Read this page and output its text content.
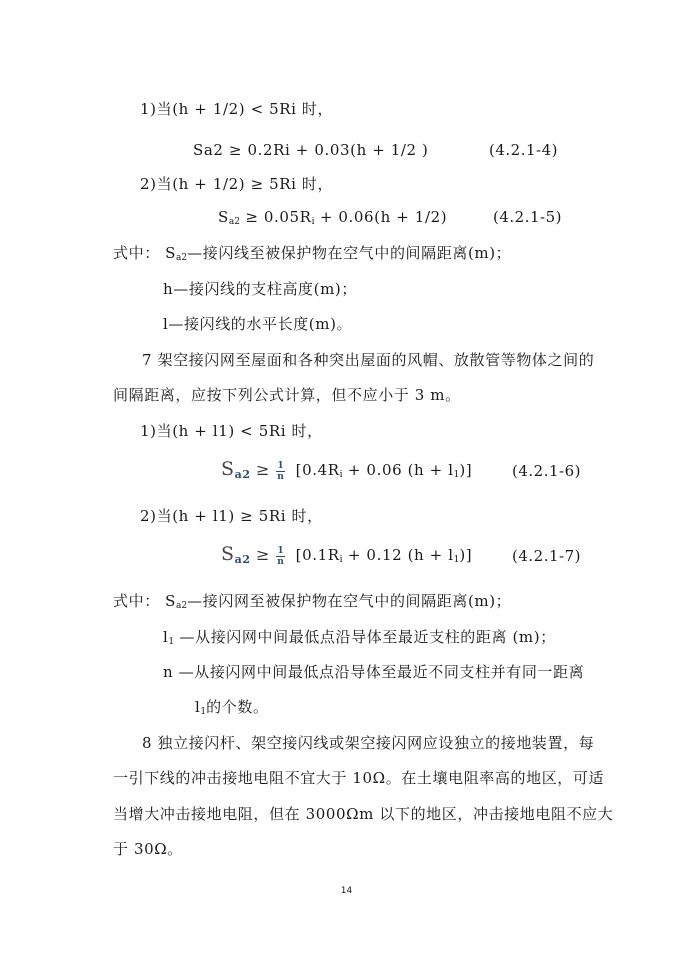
1)当(h + 1/2) < 5Ri 时，
Sa2 ≥ 0.2Ri + 0.03(h + 1/2 )	(4.2.1-4)
2)当(h + 1/2) ≥ 5Ri 时，
$S_{a2} \ge 0.05R_i + 0.06(h + 1/2)$	(4.2.1-5)
式中： $S_{a2}—$接闪线至被保护物在空气中的间隔距离(m)；
h—接闪线的支柱高度(m)；
l—接闪线的水平长度(m)。
7 架空接闪网至屋面和各种突出屋面的风帽、放散管等物体之间的
间隔距离，应按下列公式计算，但不应小于 3 m。
1)当(h + l1) < 5Ri 时，
$S_{a2} \ge \frac{1}{n} [0.4R_i + 0.06$ $(h + l_1)$]	(4.2.1-6)
2)当(h + l1) ≥ 5Ri 时，
$S_{a2} \ge \frac{1}{n} [0.1R_i + 0.12$ $(h + l_1)$]	(4.2.1-7)
式中： $S_{a2}—$接闪网至被保护物在空气中的间隔距离(m)；
$l_1$ —从接闪网中间最低点沿导体至最近支柱的距离 (m)；
n —从接闪网中间最低点沿导体至最近不同支柱并有同一距离
$l_1$的个数。
8 独立接闪杆、架空接闪线或架空接闪网应设独立的接地装置，每
一引下线的冲击接地电阻不宜大于 10Ω。在土壤电阻率高的地区，可适
当增大冲击接地电阻，但在 3000Ωm 以下的地区，冲击接地电阻不应大
于 30Ω。
14
